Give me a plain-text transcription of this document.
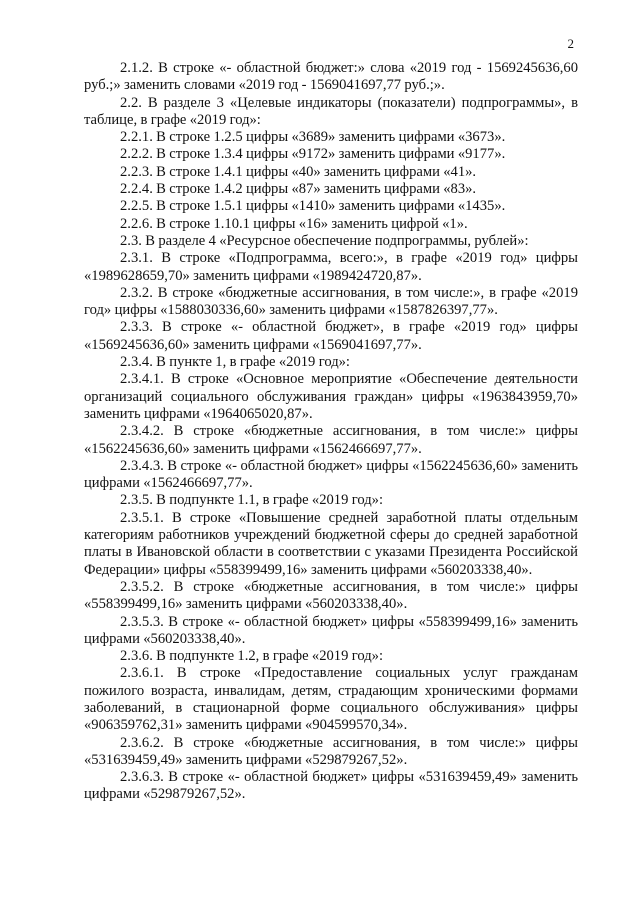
2

2.1.2. В строке «- областной бюджет:» слова «2019 год - 1569245636,60 руб.;» заменить словами «2019 год - 1569041697,77 руб.;».

2.2. В разделе 3 «Целевые индикаторы (показатели) подпрограммы», в таблице, в графе «2019 год»:

2.2.1. В строке 1.2.5 цифры «3689» заменить цифрами «3673».

2.2.2. В строке 1.3.4 цифры «9172» заменить цифрами «9177».

2.2.3. В строке 1.4.1 цифры «40» заменить цифрами «41».

2.2.4. В строке 1.4.2 цифры «87» заменить цифрами «83».

2.2.5. В строке 1.5.1 цифры «1410» заменить цифрами «1435».

2.2.6. В строке 1.10.1 цифры «16» заменить цифрой «1».

2.3. В разделе 4 «Ресурсное обеспечение подпрограммы, рублей»:

2.3.1. В строке «Подпрограмма, всего:», в графе «2019 год» цифры «1989628659,70» заменить цифрами «1989424720,87».

2.3.2. В строке «бюджетные ассигнования, в том числе:», в графе «2019 год» цифры «1588030336,60» заменить цифрами «1587826397,77».

2.3.3. В строке «- областной бюджет», в графе «2019 год» цифры «1569245636,60» заменить цифрами «1569041697,77».

2.3.4. В пункте 1, в графе «2019 год»:

2.3.4.1. В строке «Основное мероприятие «Обеспечение деятельности организаций социального обслуживания граждан» цифры «1963843959,70» заменить цифрами «1964065020,87».

2.3.4.2. В строке «бюджетные ассигнования, в том числе:» цифры «1562245636,60» заменить цифрами «1562466697,77».

2.3.4.3. В строке «- областной бюджет» цифры «1562245636,60» заменить цифрами «1562466697,77».

2.3.5. В подпункте 1.1, в графе «2019 год»:

2.3.5.1. В строке «Повышение средней заработной платы отдельным категориям работников учреждений бюджетной сферы до средней заработной платы в Ивановской области в соответствии с указами Президента Российской Федерации» цифры «558399499,16» заменить цифрами «560203338,40».

2.3.5.2. В строке «бюджетные ассигнования, в том числе:» цифры «558399499,16» заменить цифрами «560203338,40».

2.3.5.3. В строке «- областной бюджет» цифры «558399499,16» заменить цифрами «560203338,40».

2.3.6. В подпункте 1.2, в графе «2019 год»:

2.3.6.1. В строке «Предоставление социальных услуг гражданам пожилого возраста, инвалидам, детям, страдающим хроническими формами заболеваний, в стационарной форме социального обслуживания» цифры «906359762,31» заменить цифрами «904599570,34».

2.3.6.2. В строке «бюджетные ассигнования, в том числе:» цифры «531639459,49» заменить цифрами «529879267,52».

2.3.6.3. В строке «- областной бюджет» цифры «531639459,49» заменить цифрами «529879267,52».
